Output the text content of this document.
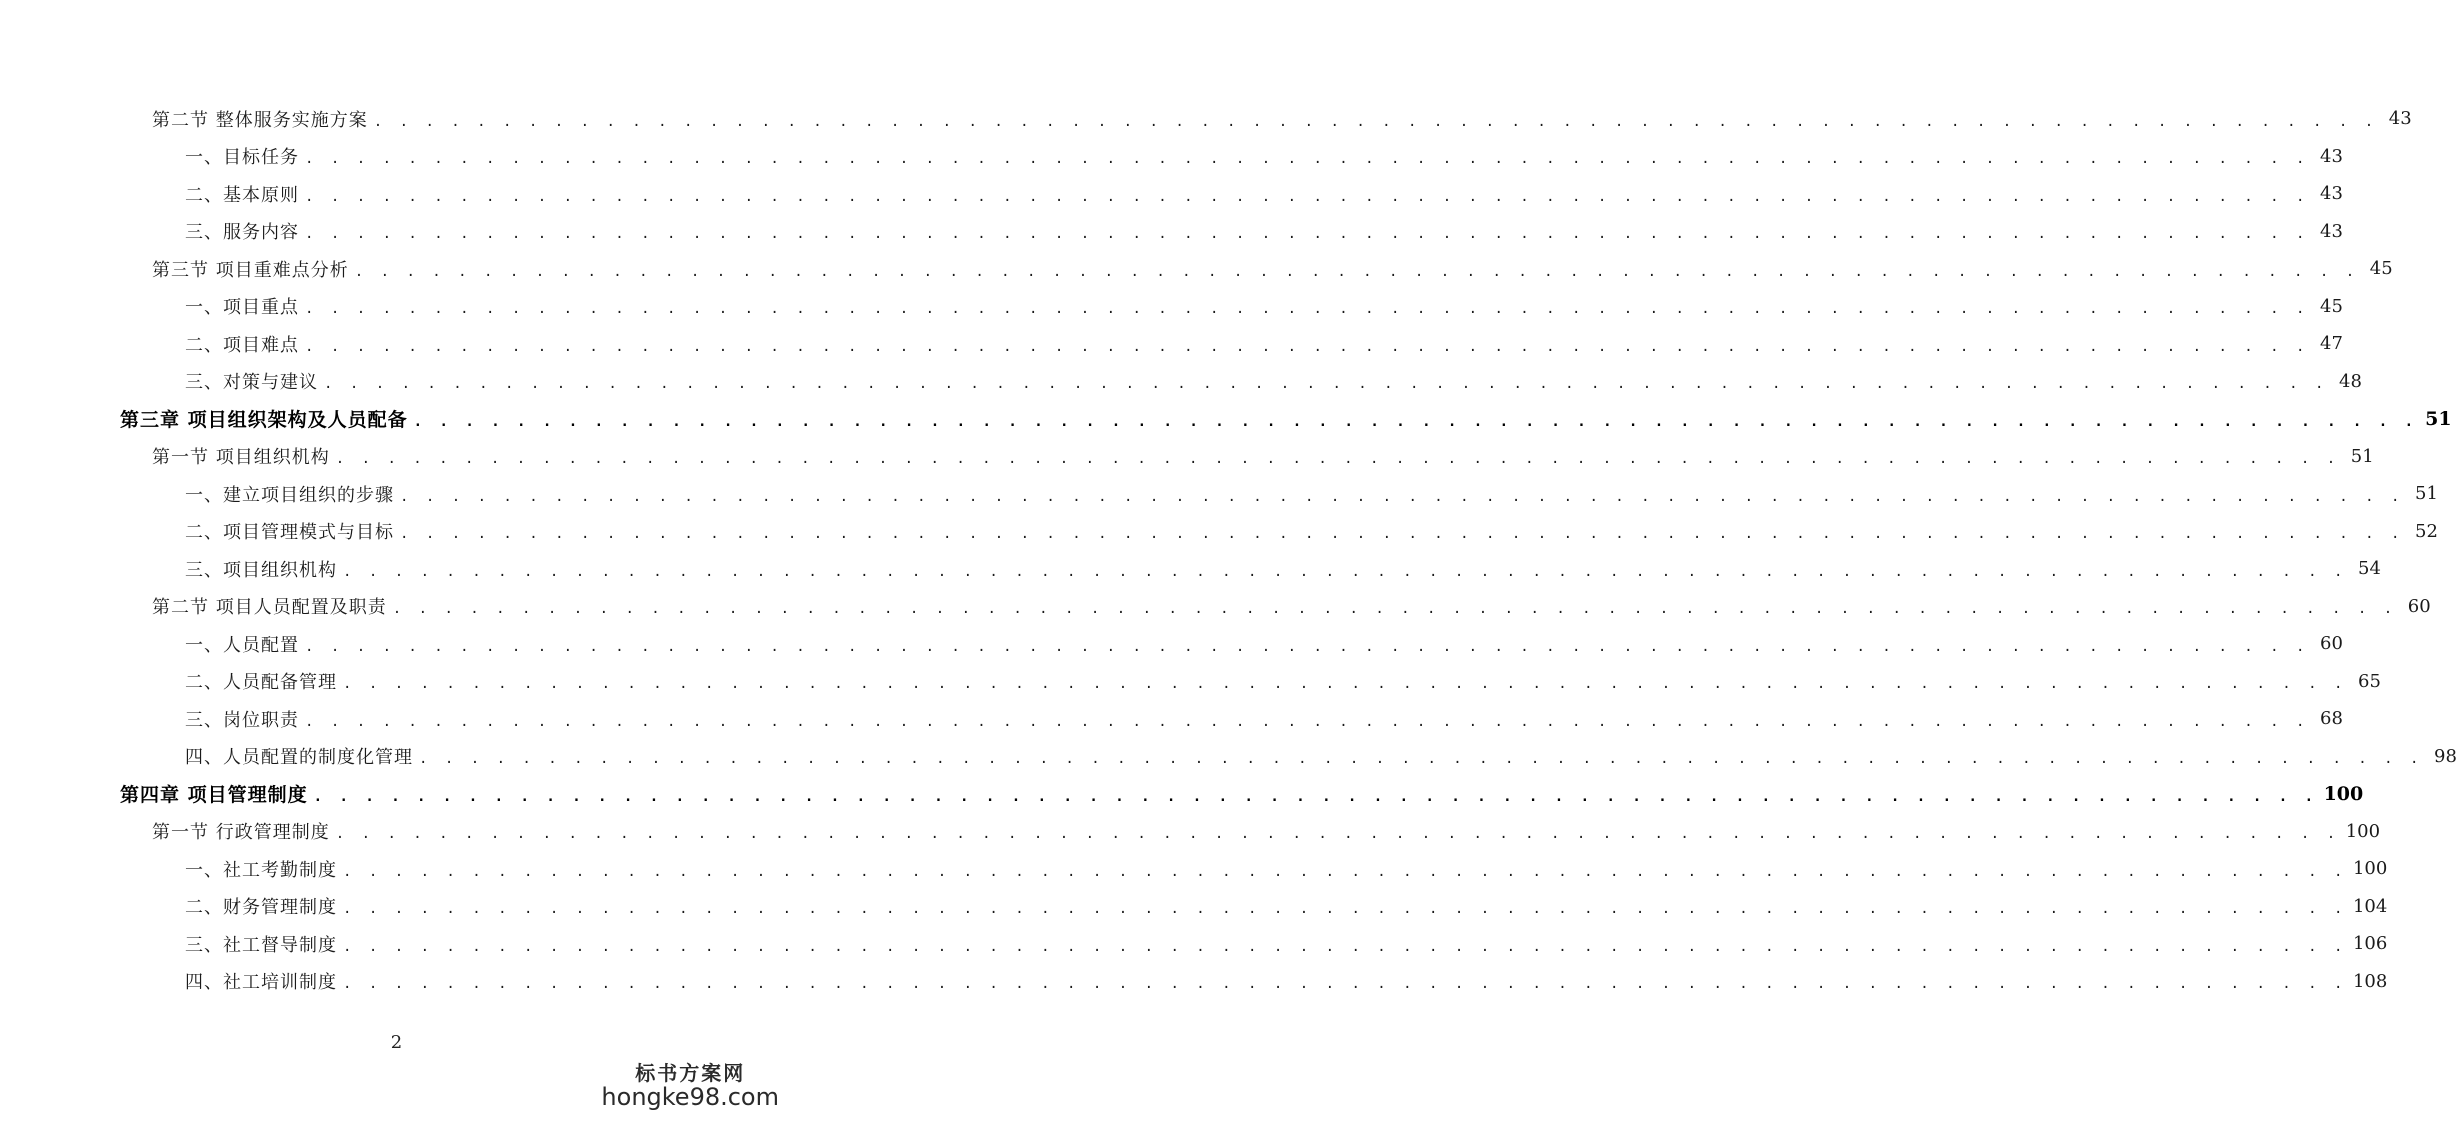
第二节 整体服务实施方案 . . . . . . . . . . . . . . . . . . . . . . . . . . . . . . . . . . . . . . . . . . . . . . . . . . . . . . . . . . . . . . . . . . . . . . . . . . . . . . 43
一、目标任务 . . . . . . . . . . . . . . . . . . . . . . . . . . . . . . . . . . . . . . . . . . . . . . . . . . . . . . . . . . . . . . . . . . . . . . . . . . . . . . 43
二、基本原则 . . . . . . . . . . . . . . . . . . . . . . . . . . . . . . . . . . . . . . . . . . . . . . . . . . . . . . . . . . . . . . . . . . . . . . . . . . . . . . 43
三、服务内容 . . . . . . . . . . . . . . . . . . . . . . . . . . . . . . . . . . . . . . . . . . . . . . . . . . . . . . . . . . . . . . . . . . . . . . . . . . . . . . 43
第三节 项目重难点分析 . . . . . . . . . . . . . . . . . . . . . . . . . . . . . . . . . . . . . . . . . . . . . . . . . . . . . . . . . . . . . . . . . . . . . . . . . . . . . . 45
一、项目重点 . . . . . . . . . . . . . . . . . . . . . . . . . . . . . . . . . . . . . . . . . . . . . . . . . . . . . . . . . . . . . . . . . . . . . . . . . . . . . . 45
二、项目难点 . . . . . . . . . . . . . . . . . . . . . . . . . . . . . . . . . . . . . . . . . . . . . . . . . . . . . . . . . . . . . . . . . . . . . . . . . . . . . . 47
三、对策与建议 . . . . . . . . . . . . . . . . . . . . . . . . . . . . . . . . . . . . . . . . . . . . . . . . . . . . . . . . . . . . . . . . . . . . . . . . . . . . . . 48
第三章 项目组织架构及人员配备 . . . . . . . . . . . . . . . . . . . . . . . . . . . . . . . . . . . . . . . . . . . . . . . . . . . . . . . . . . . . . . . . . . . . . . . . . . . . . . 51
第一节 项目组织机构 . . . . . . . . . . . . . . . . . . . . . . . . . . . . . . . . . . . . . . . . . . . . . . . . . . . . . . . . . . . . . . . . . . . . . . . . . . . . . . 51
一、建立项目组织的步骤 . . . . . . . . . . . . . . . . . . . . . . . . . . . . . . . . . . . . . . . . . . . . . . . . . . . . . . . . . . . . . . . . . . . . . . . . . . . . . . 51
二、项目管理模式与目标 . . . . . . . . . . . . . . . . . . . . . . . . . . . . . . . . . . . . . . . . . . . . . . . . . . . . . . . . . . . . . . . . . . . . . . . . . . . . . . 52
三、项目组织机构 . . . . . . . . . . . . . . . . . . . . . . . . . . . . . . . . . . . . . . . . . . . . . . . . . . . . . . . . . . . . . . . . . . . . . . . . . . . . . . 54
第二节 项目人员配置及职责 . . . . . . . . . . . . . . . . . . . . . . . . . . . . . . . . . . . . . . . . . . . . . . . . . . . . . . . . . . . . . . . . . . . . . . . . . . . . . . 60
一、人员配置 . . . . . . . . . . . . . . . . . . . . . . . . . . . . . . . . . . . . . . . . . . . . . . . . . . . . . . . . . . . . . . . . . . . . . . . . . . . . . . 60
二、人员配备管理 . . . . . . . . . . . . . . . . . . . . . . . . . . . . . . . . . . . . . . . . . . . . . . . . . . . . . . . . . . . . . . . . . . . . . . . . . . . . . . 65
三、岗位职责 . . . . . . . . . . . . . . . . . . . . . . . . . . . . . . . . . . . . . . . . . . . . . . . . . . . . . . . . . . . . . . . . . . . . . . . . . . . . . . 68
四、人员配置的制度化管理 . . . . . . . . . . . . . . . . . . . . . . . . . . . . . . . . . . . . . . . . . . . . . . . . . . . . . . . . . . . . . . . . . . . . . . . . . . . . . . 98
第四章 项目管理制度 . . . . . . . . . . . . . . . . . . . . . . . . . . . . . . . . . . . . . . . . . . . . . . . . . . . . . . . . . . . . . . . . . . . . . . . . . . . . . . 100
第一节 行政管理制度 . . . . . . . . . . . . . . . . . . . . . . . . . . . . . . . . . . . . . . . . . . . . . . . . . . . . . . . . . . . . . . . . . . . . . . . . . . . . . . 100
一、社工考勤制度 . . . . . . . . . . . . . . . . . . . . . . . . . . . . . . . . . . . . . . . . . . . . . . . . . . . . . . . . . . . . . . . . . . . . . . . . . . . . . . 100
二、财务管理制度 . . . . . . . . . . . . . . . . . . . . . . . . . . . . . . . . . . . . . . . . . . . . . . . . . . . . . . . . . . . . . . . . . . . . . . . . . . . . . . 104
三、社工督导制度 . . . . . . . . . . . . . . . . . . . . . . . . . . . . . . . . . . . . . . . . . . . . . . . . . . . . . . . . . . . . . . . . . . . . . . . . . . . . . . 106
四、社工培训制度 . . . . . . . . . . . . . . . . . . . . . . . . . . . . . . . . . . . . . . . . . . . . . . . . . . . . . . . . . . . . . . . . . . . . . . . . . . . . . . 108
2
标书方案网
hongke98.com
